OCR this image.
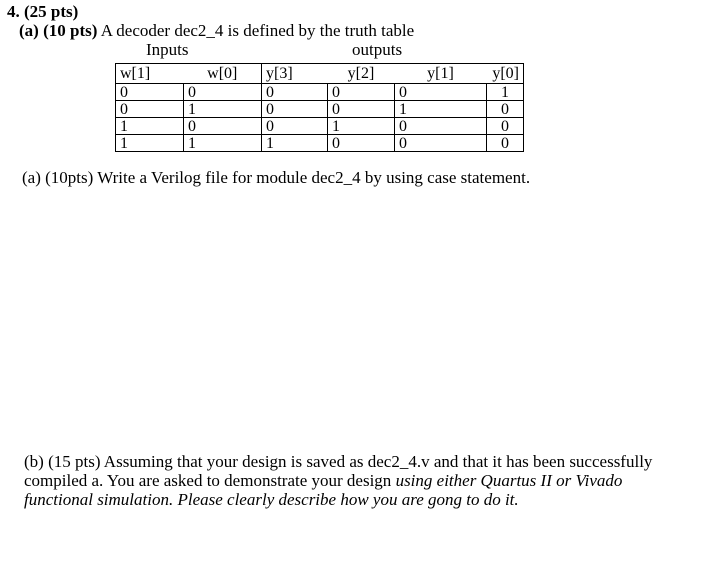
4. (25 pts)
(a) (10 pts) A decoder dec2_4 is defined by the truth table
Inputs	outputs
w[1]	w[0]	y[3]	y[2]	y[1]	y[0]
0	0	0	0	0	1
0	1	0	0	1	0
1	0	0	1	0	0
1	1	1	0	0	0
(a) (10pts) Write a Verilog file for module dec2_4 by using case statement.
(b) (15 pts) Assuming that your design is saved as dec2_4.v and that it has been successfully
compiled a. You are asked to demonstrate your design using either Quartus II or Vivado
functional simulation. Please clearly describe how you are gong to do it.
